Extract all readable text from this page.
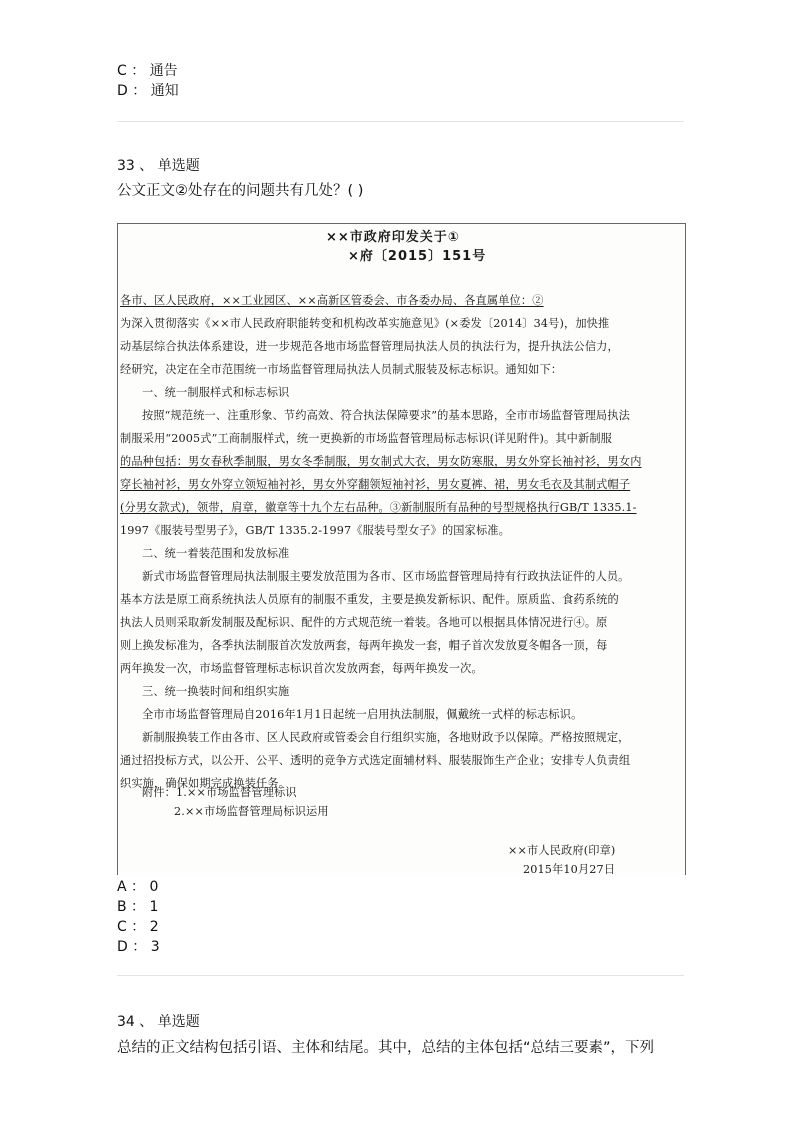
C ： 通告
D ： 通知
33 、 单选题
公文正文②处存在的问题共有几处？( )
××市政府印发关于①
×府〔2015〕151号
各市、区人民政府，××工业园区、××高新区管委会、市各委办局、各直属单位：②
为深入贯彻落实《××市人民政府职能转变和机构改革实施意见》(×委发〔2014〕34号)，加快推
动基层综合执法体系建设，进一步规范各地市场监督管理局执法人员的执法行为，提升执法公信力，
经研究，决定在全市范围统一市场监督管理局执法人员制式服装及标志标识。通知如下：
一、统一制服样式和标志标识
按照“规范统一、注重形象、节约高效、符合执法保障要求”的基本思路，全市市场监督管理局执法
制服采用“2005式”工商制服样式，统一更换新的市场监督管理局标志标识(详见附件)。其中新制服
的品种包括：男女春秋季制服，男女冬季制服，男女制式大衣，男女防寒服，男女外穿长袖衬衫，男女内
穿长袖衬衫，男女外穿立领短袖衬衫，男女外穿翻领短袖衬衫，男女夏裤、裙，男女毛衣及其制式帽子
(分男女款式)，领带，肩章，徽章等十九个左右品种。③新制服所有品种的号型规格执行GB/T 1335.1-
1997《服装号型男子》，GB/T 1335.2-1997《服装号型女子》的国家标准。
二、统一着装范围和发放标准
新式市场监督管理局执法制服主要发放范围为各市、区市场监督管理局持有行政执法证件的人员。
基本方法是原工商系统执法人员原有的制服不重发，主要是换发新标识、配件。原质监、食药系统的
执法人员则采取新发制服及配标识、配件的方式规范统一着装。各地可以根据具体情况进行④。原
则上换发标准为，各季执法制服首次发放两套，每两年换发一套，帽子首次发放夏冬帽各一顶，每
两年换发一次，市场监督管理标志标识首次发放两套，每两年换发一次。
三、统一换装时间和组织实施
全市市场监督管理局自2016年1月1日起统一启用执法制服，佩戴统一式样的标志标识。
新制服换装工作由各市、区人民政府或管委会自行组织实施，各地财政予以保障。严格按照规定，
通过招投标方式，以公开、公平、透明的竞争方式选定面辅材料、服装服饰生产企业；安排专人负责组
织实施，确保如期完成换装任务。
附件：1.××市场监督管理标识
2.××市场监督管理局标识运用
××市人民政府(印章)
2015年10月27日
A ： 0
B ： 1
C ： 2
D ： 3
34 、 单选题
总结的正文结构包括引语、主体和结尾。其中，总结的主体包括“总结三要素”，下列
